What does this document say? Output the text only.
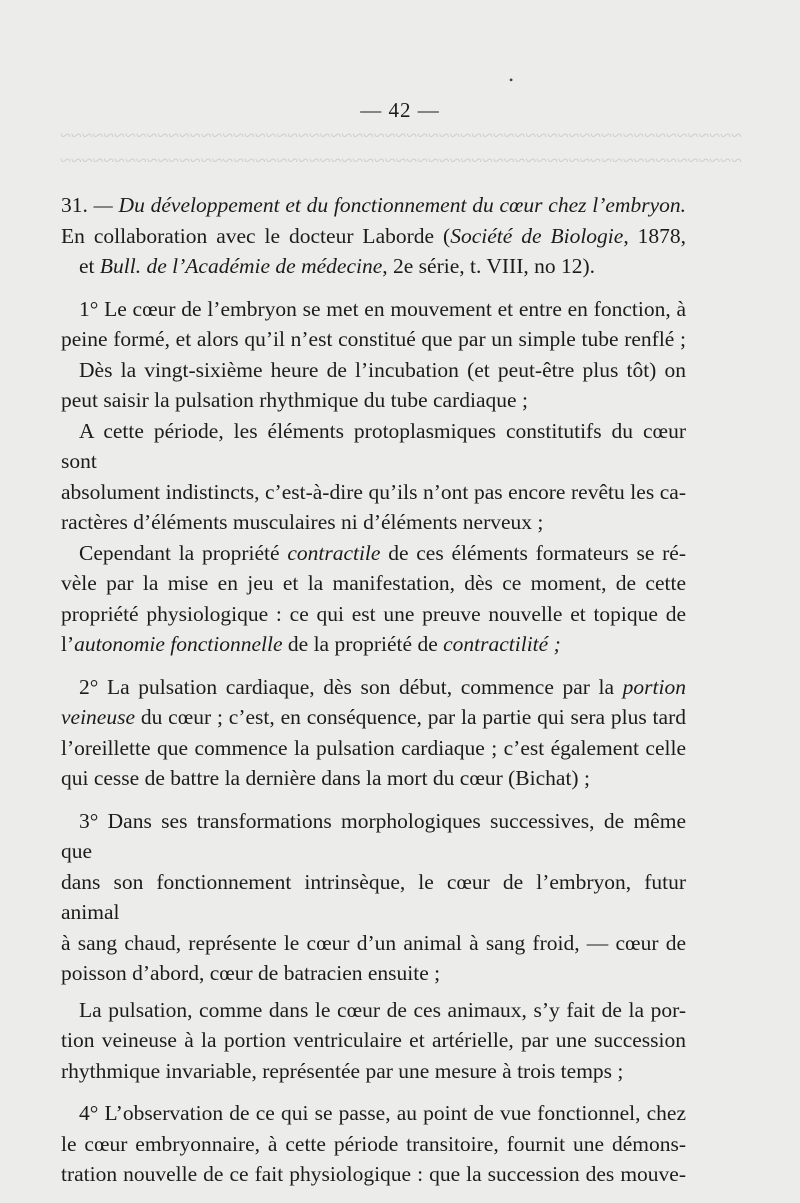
~~~~~~~~~~~~~~~~~~~~~~~~~~~~~~~~~~~~~~~~~~~~~~~~~~~~~~~~~~~~~~~
~~~~~~~~~~~~~~~~~~~~~~~~~~~~~~~~~~~~~~~~~~~~~~~~~~~~~~~~~~~~~~~
•
— 42 —

31. — Du développement et du fonctionnement du cœur chez l’embryon.

En collaboration avec le docteur Laborde (Société de Biologie, 1878,

et Bull. de l’Académie de médecine, 2e série, t. VIII, no 12).

1° Le cœur de l’embryon se met en mouvement et entre en fonction, à

peine formé, et alors qu’il n’est constitué que par un simple tube renflé ;

Dès la vingt-sixième heure de l’incubation (et peut-être plus tôt) on

peut saisir la pulsation rhythmique du tube cardiaque ;

A cette période, les éléments protoplasmiques constitutifs du cœur sont

absolument indistincts, c’est-à-dire qu’ils n’ont pas encore revêtu les ca-

ractères d’éléments musculaires ni d’éléments nerveux ;

Cependant la propriété contractile de ces éléments formateurs se ré-

vèle par la mise en jeu et la manifestation, dès ce moment, de cette

propriété physiologique : ce qui est une preuve nouvelle et topique de

l’autonomie fonctionnelle de la propriété de contractilité ;

2° La pulsation cardiaque, dès son début, commence par la portion

veineuse du cœur ; c’est, en conséquence, par la partie qui sera plus tard

l’oreillette que commence la pulsation cardiaque ; c’est également celle

qui cesse de battre la dernière dans la mort du cœur (Bichat) ;

3° Dans ses transformations morphologiques successives, de même que

dans son fonctionnement intrinsèque, le cœur de l’embryon, futur animal

à sang chaud, représente le cœur d’un animal à sang froid, — cœur de

poisson d’abord, cœur de batracien ensuite ;

La pulsation, comme dans le cœur de ces animaux, s’y fait de la por-

tion veineuse à la portion ventriculaire et artérielle, par une succession

rhythmique invariable, représentée par une mesure à trois temps ;

4° L’observation de ce qui se passe, au point de vue fonctionnel, chez

le cœur embryonnaire, à cette période transitoire, fournit une démons-

tration nouvelle de ce fait physiologique : que la succession des mouve-
